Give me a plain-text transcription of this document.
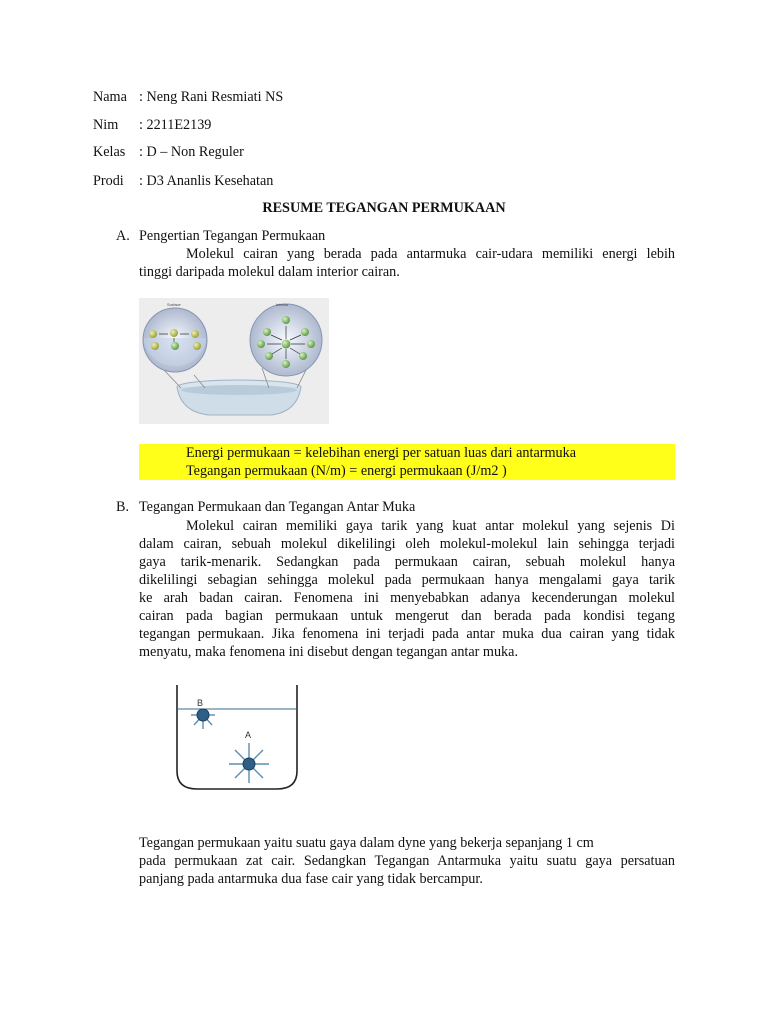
Nama : Neng Rani Resmiati NS
Nim : 2211E2139
Kelas : D – Non Reguler
Prodi : D3 Ananlis Kesehatan
RESUME TEGANGAN PERMUKAAN
A. Pengertian Tegangan Permukaan
Molekul cairan yang berada pada antarmuka cair-udara memiliki energi lebih
tinggi daripada molekul dalam interior cairan.
Surface	Interior
Energi permukaan = kelebihan energi per satuan luas dari antarmuka
Tegangan permukaan (N/m) = energi permukaan (J/m2 )
B. Tegangan Permukaan dan Tegangan Antar Muka
Molekul cairan memiliki gaya tarik yang kuat antar molekul yang sejenis Di
dalam cairan, sebuah molekul dikelilingi oleh molekul-molekul lain sehingga terjadi
gaya tarik-menarik. Sedangkan pada permukaan cairan, sebuah molekul hanya
dikelilingi sebagian sehingga molekul pada permukaan hanya mengalami gaya tarik
ke arah badan cairan. Fenomena ini menyebabkan adanya kecenderungan molekul
cairan pada bagian permukaan untuk mengerut dan berada pada kondisi tegang
tegangan permukaan. Jika fenomena ini terjadi pada antar muka dua cairan yang tidak
menyatu, maka fenomena ini disebut dengan tegangan antar muka.
B
A
Tegangan permukaan yaitu suatu gaya dalam dyne yang bekerja sepanjang 1 cm
pada permukaan zat cair. Sedangkan Tegangan Antarmuka yaitu suatu gaya persatuan
panjang pada antarmuka dua fase cair yang tidak bercampur.
